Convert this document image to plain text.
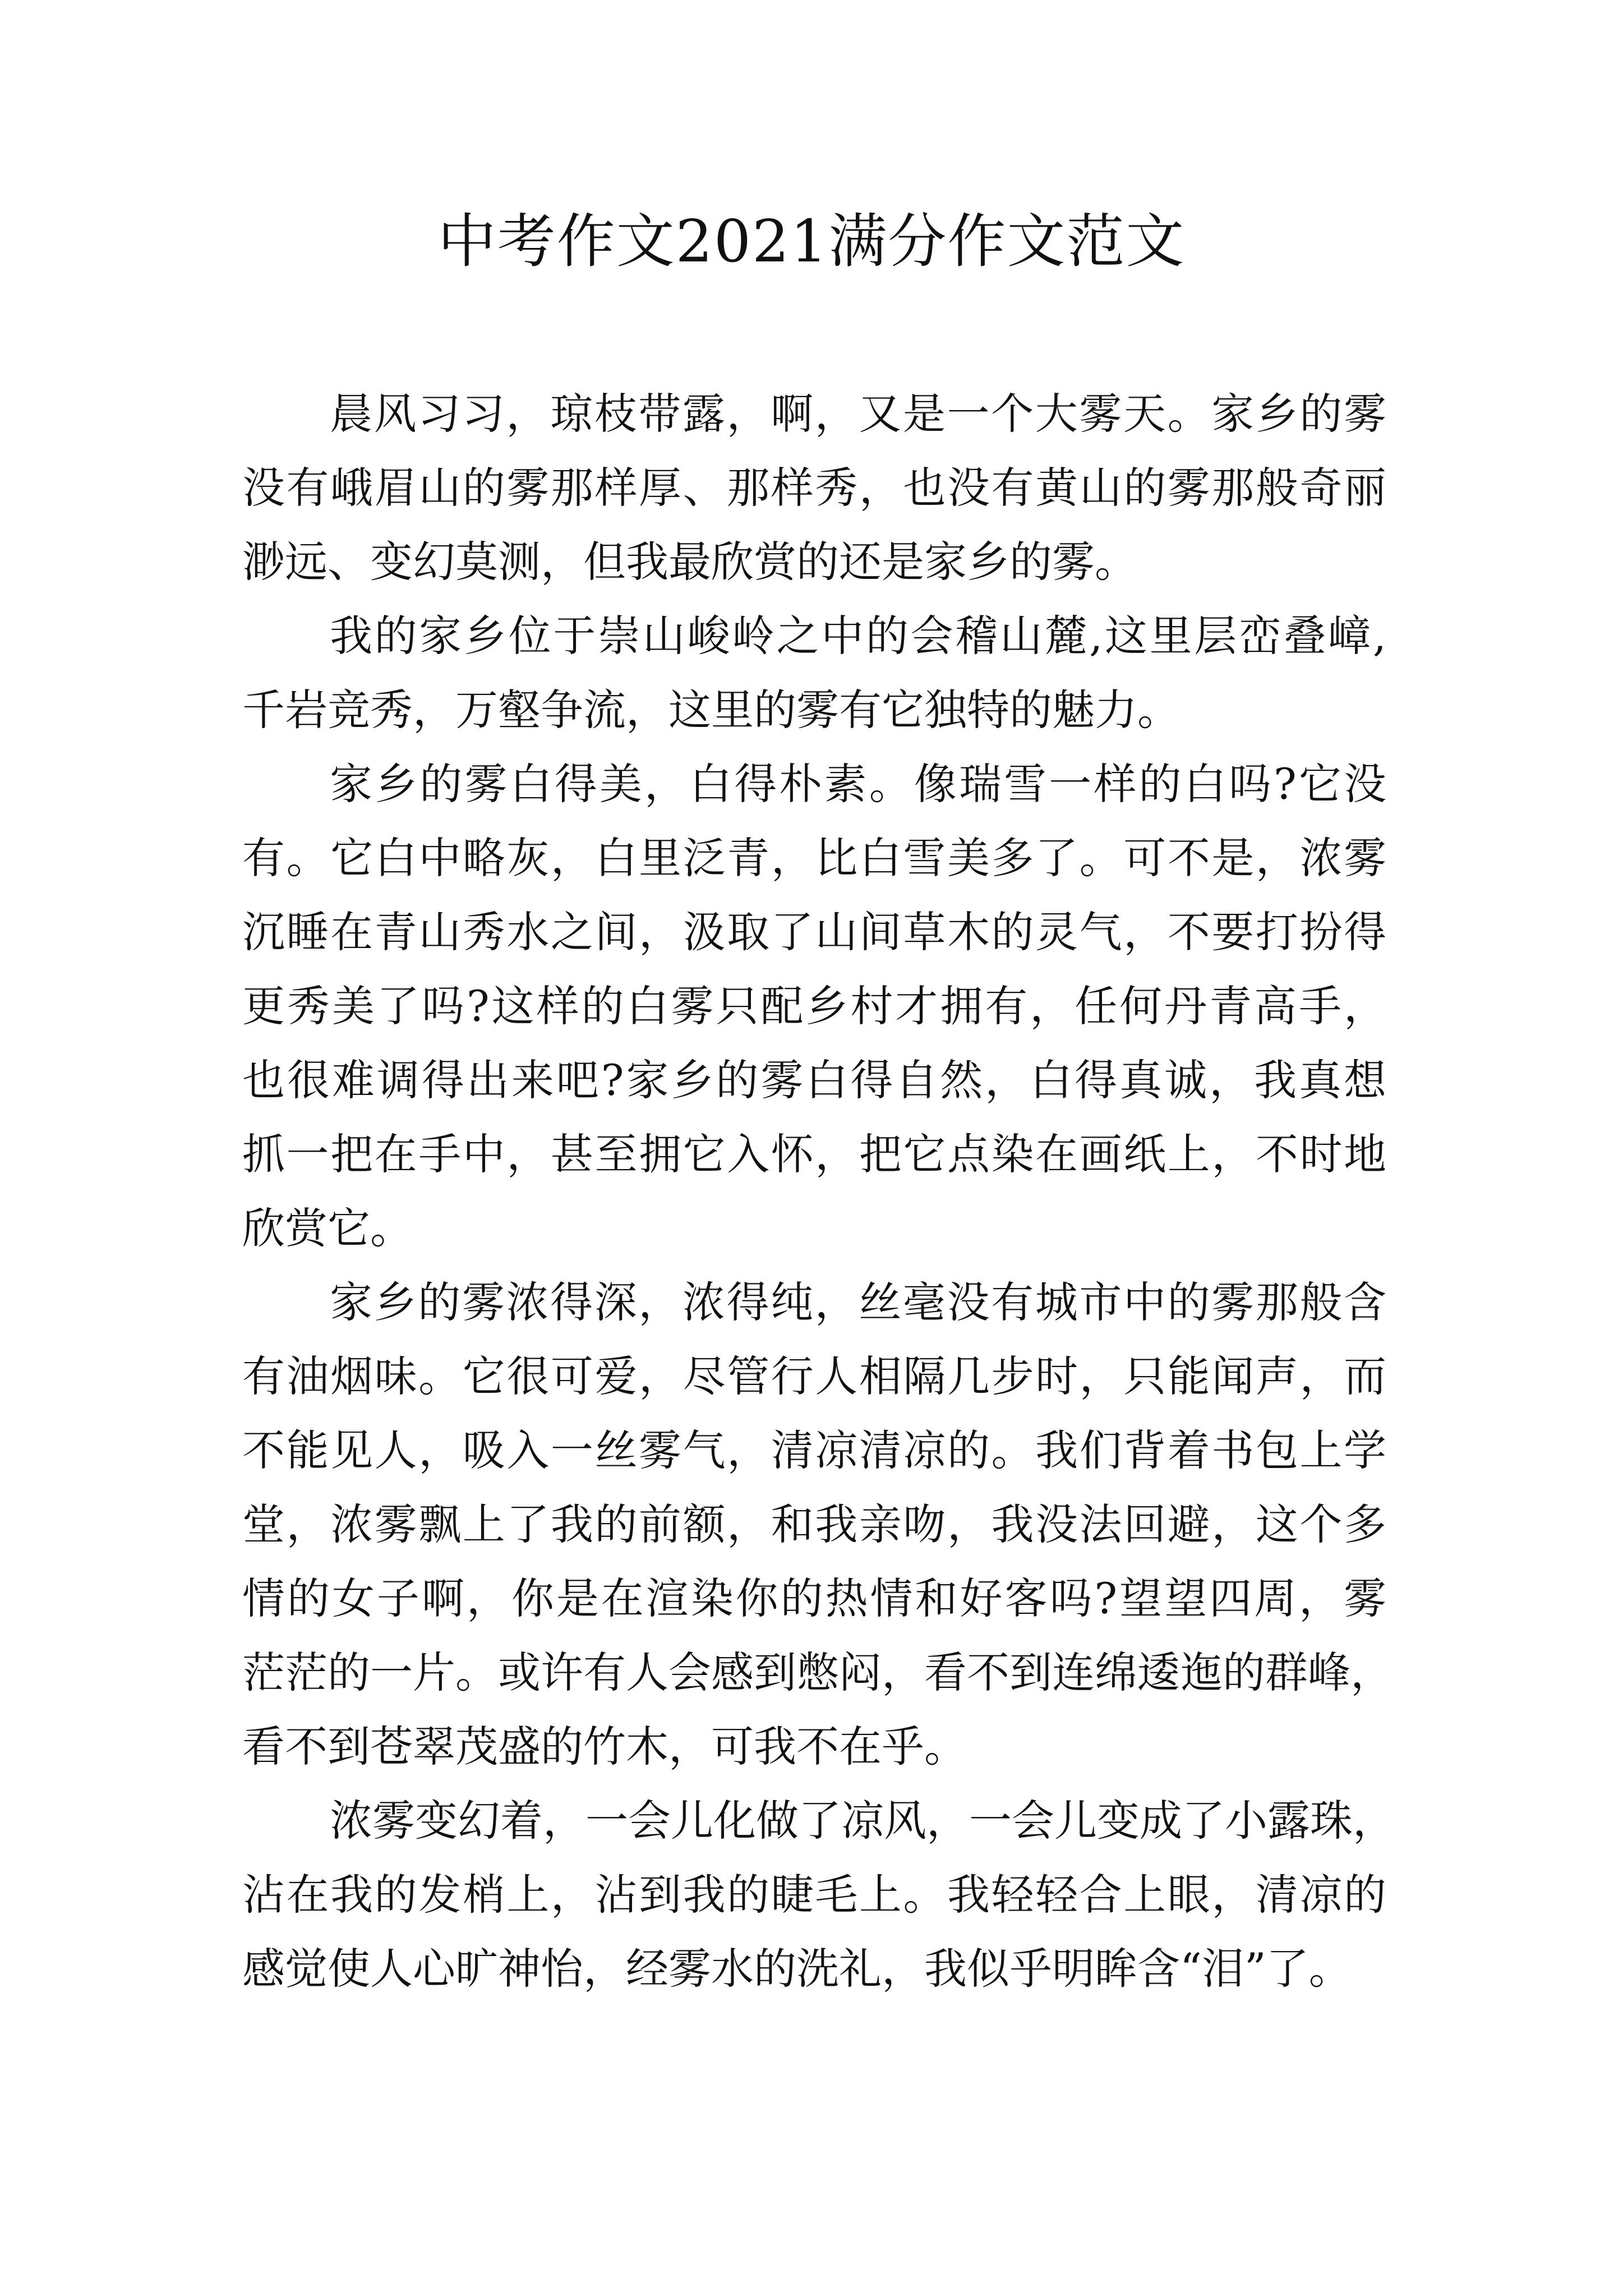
中考作文2021满分作文范文
晨风习习，琼枝带露，啊，又是一个大雾天。家乡的雾
没有峨眉山的雾那样厚、那样秀，也没有黄山的雾那般奇丽
渺远、变幻莫测，但我最欣赏的还是家乡的雾。
我的家乡位于崇山峻岭之中的会稽山麓,这里层峦叠嶂,
千岩竞秀，万壑争流，这里的雾有它独特的魅力。
家乡的雾白得美，白得朴素。像瑞雪一样的白吗?它没
有。它白中略灰，白里泛青，比白雪美多了。可不是，浓雾
沉睡在青山秀水之间，汲取了山间草木的灵气，不要打扮得
更秀美了吗?这样的白雾只配乡村才拥有，任何丹青高手，
也很难调得出来吧?家乡的雾白得自然，白得真诚，我真想
抓一把在手中，甚至拥它入怀，把它点染在画纸上，不时地
欣赏它。
家乡的雾浓得深，浓得纯，丝毫没有城市中的雾那般含
有油烟味。它很可爱，尽管行人相隔几步时，只能闻声，而
不能见人，吸入一丝雾气，清凉清凉的。我们背着书包上学
堂，浓雾飘上了我的前额，和我亲吻，我没法回避，这个多
情的女子啊，你是在渲染你的热情和好客吗?望望四周，雾
茫茫的一片。或许有人会感到憋闷，看不到连绵逶迤的群峰，
看不到苍翠茂盛的竹木，可我不在乎。
浓雾变幻着，一会儿化做了凉风，一会儿变成了小露珠，
沾在我的发梢上，沾到我的睫毛上。我轻轻合上眼，清凉的
感觉使人心旷神怡，经雾水的洗礼，我似乎明眸含“泪”了。
